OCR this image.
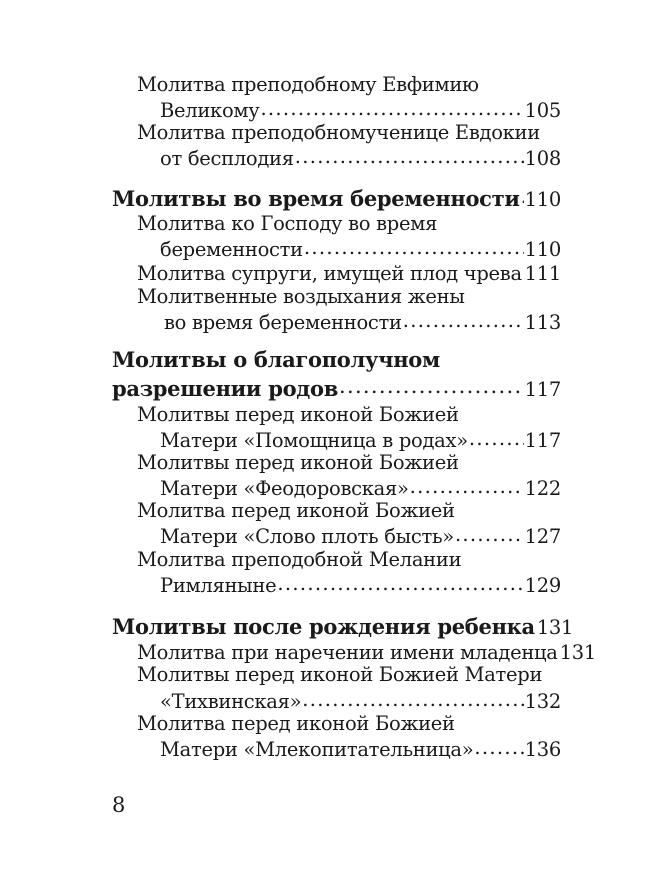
Молитва преподобному Евфимию
Великому .....	105
Молитва преподобномученице Евдокии
от бесплодия .....	108
Молитвы во время беременности ..... 110
Молитва ко Господу во время
беременности .....	110
Молитва супруги, имущей плод чрева ..... 111
Молитвенные воздыхания жены
во время беременности .....	113
Молитвы о благополучном
разрешении родов .....	117
Молитвы перед иконой Божией
Матери «Помощница в родах» .....	117
Молитвы перед иконой Божией
Матери «Феодоровская» .....	122
Молитва перед иконой Божией
Матери «Слово плоть бысть» .....	127
Молитва преподобной Мелании
Римляныне .....	129
Молитвы после рождения ребенка 131
Молитва при наречении имени младенца 131
Молитвы перед иконой Божией Матери
«Тихвинская» .....	132
Молитва перед иконой Божией
Матери «Млекопитательница» .....	136
8
